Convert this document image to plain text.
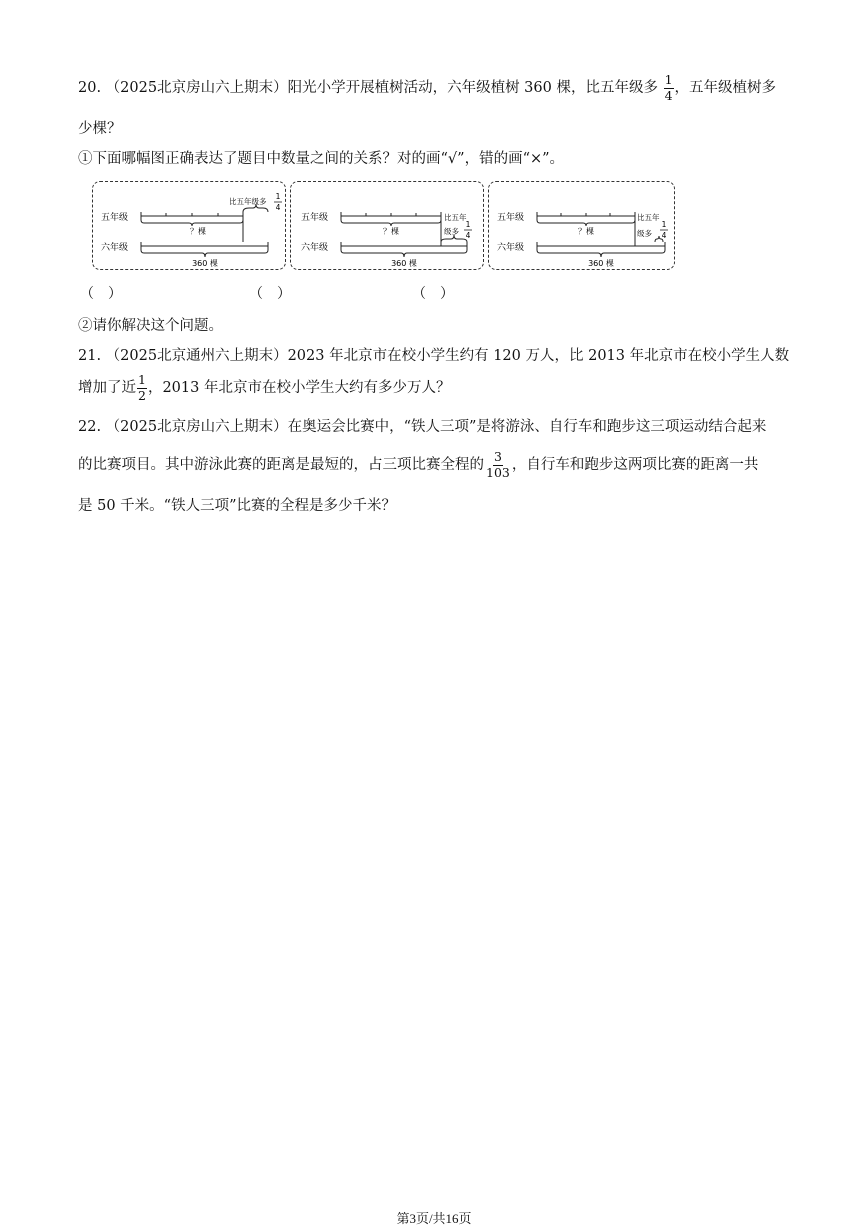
20. （2025北京房山六上期末）阳光小学开展植树活动，六年级植树 360 棵，比五年级多 $\frac{1}{4}$ ，五年级植树多
少棵？
①下面哪幅图正确表达了题目中数量之间的关系？对的画“√”，错的画“×”。
五年级
六年级
？棵
360 棵
比五年级多
1
4
五年级
六年级
？棵
360 棵
比五年
级多
1
4
五年级
六年级
？棵
360 棵
比五年
级多
1
4
（　）	（　）	（　）
②请你解决这个问题。
21. （2025北京通州六上期末）2023 年北京市在校小学生约有 120 万人，比 2013 年北京市在校小学生人数
增加了近 $\frac{1}{2}$ ，2013 年北京市在校小学生大约有多少万人？
22. （2025北京房山六上期末）在奥运会比赛中，“铁人三项”是将游泳、自行车和跑步这三项运动结合起来
的比赛项目。其中游泳此赛的距离是最短的，占三项比赛全程的 $\frac{3}{103}$ ，自行车和跑步这两项比赛的距离一共
是 50 千米。“铁人三项”比赛的全程是多少千米？
第3页/共16页
